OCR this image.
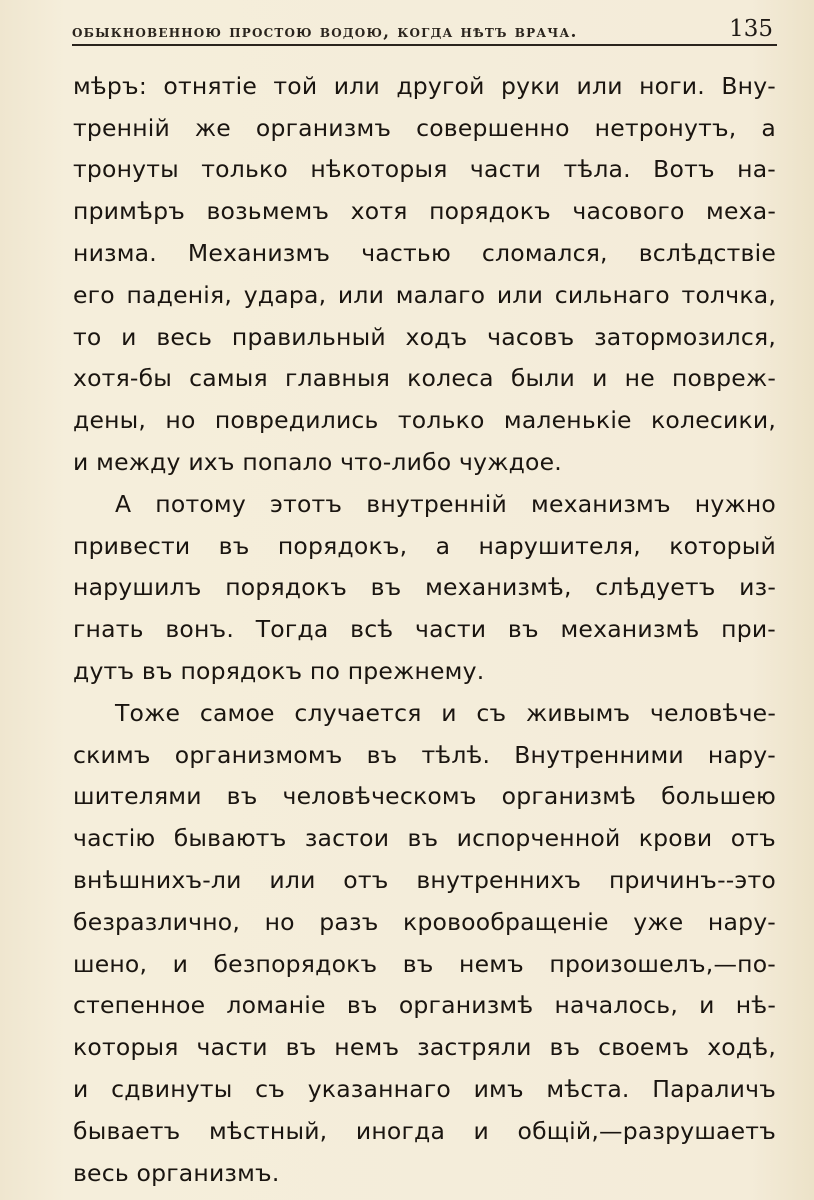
обыкновенною простою водою, когда нѣтъ врача.	135
мѣръ: отнятіе той или другой руки или ноги. Вну-
тренній же организмъ совершенно нетронутъ, а
тронуты только нѣкоторыя части тѣла. Вотъ на-
примѣръ возьмемъ хотя порядокъ часового меха-
низма. Механизмъ частью сломался, вслѣдствіе
его паденія, удара, или малаго или сильнаго толчка,
то и весь правильный ходъ часовъ затормозился,
хотя-бы самыя главныя колеса были и не повреж-
дены, но повредились только маленькіе колесики,
и между ихъ попало что-либо чуждое.
А потому этотъ внутренній механизмъ нужно
привести въ порядокъ, а нарушителя, который
нарушилъ порядокъ въ механизмѣ, слѣдуетъ из-
гнать вонъ. Тогда всѣ части въ механизмѣ при-
дутъ въ порядокъ по прежнему.
Тоже самое случается и съ живымъ человѣче-
скимъ организмомъ въ тѣлѣ. Внутренними нару-
шителями въ человѣческомъ организмѣ большею
частію бываютъ застои въ испорченной крови отъ
внѣшнихъ-ли или отъ внутреннихъ причинъ--это
безразлично, но разъ кровообращеніе уже нару-
шено, и безпорядокъ въ немъ произошелъ,—по-
степенное ломаніе въ организмѣ началось, и нѣ-
которыя части въ немъ застряли въ своемъ ходѣ,
и сдвинуты съ указаннаго имъ мѣста. Параличъ
бываетъ мѣстный, иногда и общій,—разрушаетъ
весь организмъ.
